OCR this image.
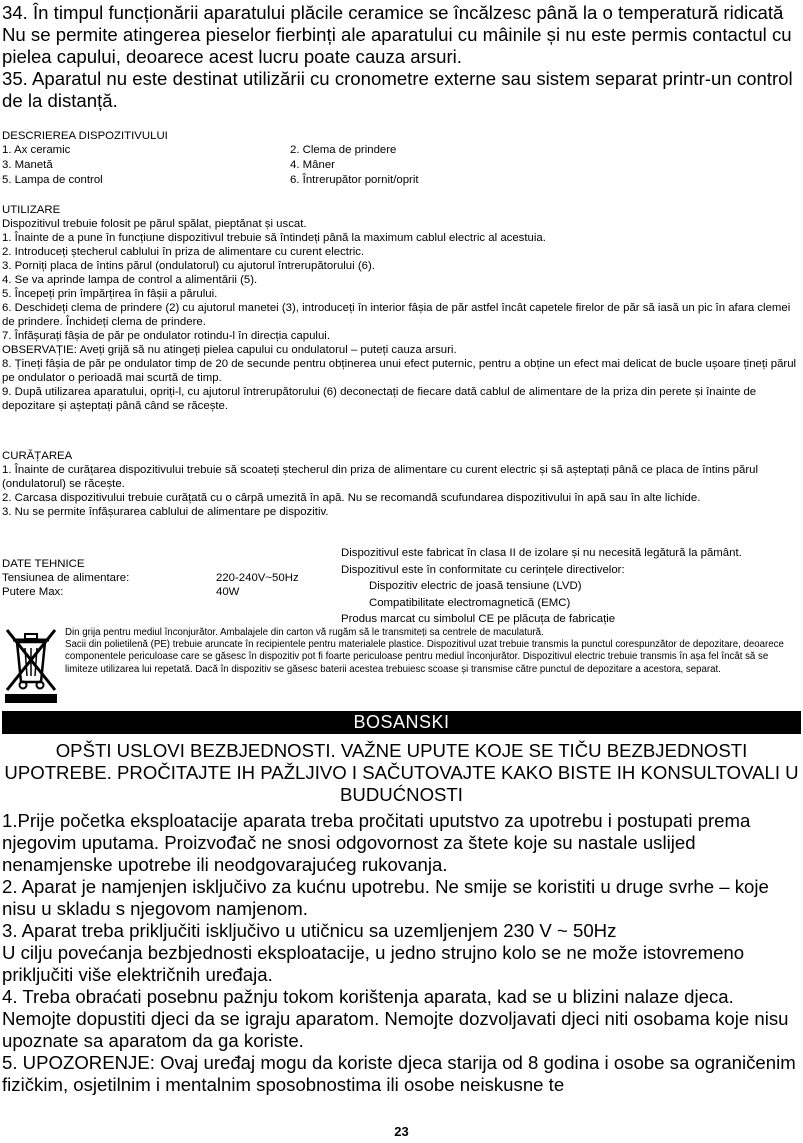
34. În timpul funcționării aparatului plăcile ceramice se încălzesc până la o temperatură ridicată Nu se permite atingerea pieselor fierbinți ale aparatului cu mâinile și nu este permis contactul cu pielea capului, deoarece acest lucru poate cauza arsuri.

35. Aparatul nu este destinat utilizării cu cronometre externe sau sistem separat printr-un control de la distanță.

DESCRIEREA DISPOZITIVULUI
1. Ax ceramic	2. Clema de prindere
3. Manetă	4. Mâner
5. Lampa de control	6. Întrerupător pornit/oprit

UTILIZARE

Dispozitivul trebuie folosit pe părul spălat, pieptănat și uscat.

1. Înainte de a pune în funcțiune dispozitivul trebuie să întindeți până la maximum cablul electric al acestuia.

2. Introduceți ștecherul cablului în priza de alimentare cu curent electric.

3. Porniți placa de întins părul (ondulatorul) cu ajutorul întrerupătorului (6).

4. Se va aprinde lampa de control a alimentării (5).

5. Începeți prin împărțirea în fâșii a părului.

6. Deschideți clema de prindere (2) cu ajutorul manetei (3), introduceți în interior fâșia de păr astfel încât capetele firelor de păr să iasă un pic în afara clemei de prindere. Închideți clema de prindere.

7. Înfășurați fâșia de păr pe ondulator rotindu-l în direcția capului.

OBSERVAȚIE: Aveți grijă să nu atingeți pielea capului cu ondulatorul – puteți cauza arsuri.

8. Țineți fâșia de păr pe ondulator timp de 20 de secunde pentru obținerea unui efect puternic, pentru a obține un efect mai delicat de bucle ușoare țineți părul pe ondulator o perioadă mai scurtă de timp.

9. După utilizarea aparatului, opriți-l, cu ajutorul întrerupătorului (6) deconectați de fiecare dată cablul de alimentare de la priza din perete și înainte de depozitare și așteptați până când se răcește.

CURĂȚAREA

1. Înainte de curățarea dispozitivului trebuie să scoateți ștecherul din priza de alimentare cu curent electric și să așteptați până ce placa de întins părul (ondulatorul) se răcește.

2. Carcasa dispozitivului trebuie curățată cu o cârpă umezită în apă. Nu se recomandă scufundarea dispozitivului în apă sau în alte lichide.

3. Nu se permite înfășurarea cablului de alimentare pe dispozitiv.

DATE TEHNICE

Tensiunea de alimentare:	220-240V~50Hz
Putere Max:	40W
Dispozitivul este fabricat în clasa II de izolare și nu necesită legătură la pământ.
Dispozitivul este în conformitate cu cerințele directivelor:
Dispozitiv electric de joasă tensiune (LVD)
Compatibilitate electromagnetică (EMC)
Produs marcat cu simbolul CE pe plăcuța de fabricație

Din grija pentru mediul înconjurător. Ambalajele din carton vă rugăm să le transmiteți sa centrele de maculatură.

Sacii din polietilenă (PE) trebuie aruncate în recipientele pentru materialele plastice. Dispozitivul uzat trebuie transmis la punctul corespunzător de depozitare, deoarece componentele periculoase care se găsesc în dispozitiv pot fi foarte periculoase pentru mediul înconjurător. Dispozitivul electric trebuie transmis în așa fel încât să se limiteze utilizarea lui repetată. Dacă în dispozitiv se găsesc baterii acestea trebuiesc scoase și transmise către punctul de depozitare a acestora, separat.

BOSANSKI
OPŠTI USLOVI BEZBJEDNOSTI. VAŽNE UPUTE KOJE SE TIČU BEZBJEDNOSTI UPOTREBE. PROČITAJTE IH PAŽLJIVO I SAČUTOVAJTE KAKO BISTE IH KONSULTOVALI U BUDUĆNOSTI

1.Prije početka eksploatacije aparata treba pročitati uputstvo za upotrebu i postupati prema njegovim uputama. Proizvođač ne snosi odgovornost za štete koje su nastale uslijed nenamjenske upotrebe ili neodgovarajućeg rukovanja.

2. Aparat je namjenjen isključivo za kućnu upotrebu. Ne smije se koristiti u druge svrhe – koje nisu u skladu s njegovom namjenom.

3. Aparat treba priključiti isključivo u utičnicu sa uzemljenjem 230 V ~ 50Hz

U cilju povećanja bezbjednosti eksploatacije, u jedno strujno kolo se ne može istovremeno priključiti više električnih uređaja.

4. Treba obraćati posebnu pažnju tokom korištenja aparata, kad se u blizini nalaze djeca. Nemojte dopustiti djeci da se igraju aparatom. Nemojte dozvoljavati djeci niti osobama koje nisu upoznate sa aparatom da ga koriste.

5. UPOZORENJE: Ovaj uređaj mogu da koriste djeca starija od 8 godina i osobe sa ograničenim fizičkim, osjetilnim i mentalnim sposobnostima ili osobe neiskusne te

23
